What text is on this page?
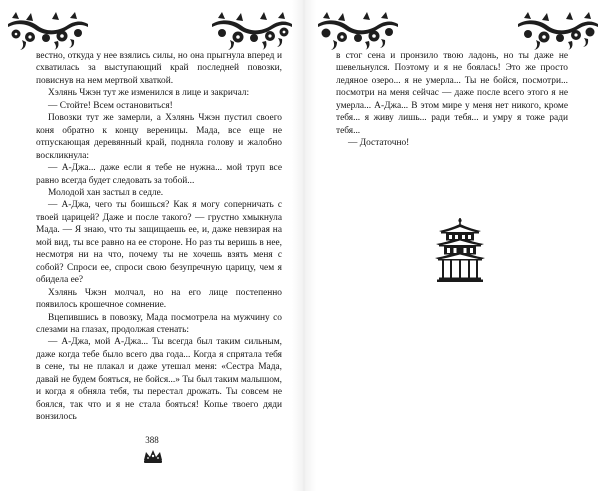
вестно, откуда у нее взялись силы, но она прыгнула вперед и схватилась за выступающий край последней повозки, повиснув на нем мертвой хваткой.

Хэлянь Чжэн тут же изменился в лице и закричал:

— Стойте! Всем остановиться!

Повозки тут же замерли, а Хэлянь Чжэн пустил своего коня обратно к концу вереницы. Мада, все еще не отпускающая деревянный край, подняла голову и жалобно воскликнула:

— А-Джа... даже если я тебе не нужна... мой труп все равно всегда будет следовать за тобой...

Молодой хан застыл в седле.

— А-Джа, чего ты боишься? Как я могу соперничать с твоей царицей? Даже и после такого? — грустно хмыкнула Мада. — Я знаю, что ты защищаешь ее, и, даже невзирая на мой вид, ты все равно на ее стороне. Но раз ты веришь в нее, несмотря ни на что, почему ты не хочешь взять меня с собой? Спроси ее, спроси свою безупречную царицу, чем я обидела ее?

Хэлянь Чжэн молчал, но на его лице постепенно появилось крошечное сомнение.

Вцепившись в повозку, Мада посмотрела на мужчину со слезами на глазах, продолжая стенать:

— А-Джа, мой А-Джа... Ты всегда был таким сильным, даже когда тебе было всего два года... Когда я спрятала тебя в сене, ты не плакал и даже утешал меня: «Сестра Мада, давай не будем бояться, не бойся...» Ты был таким малышом, и когда я обняла тебя, ты перестал дрожать. Ты совсем не боялся, так что и я не стала бояться! Копье твоего дяди вонзилось

388

в стог сена и пронзило твою ладонь, но ты даже не шевельнулся. Поэтому и я не боялась! Это же просто ледяное озеро... я не умерла... Ты не бойся, посмотри... посмотри на меня сейчас — даже после всего этого я не умерла... А-Джа... В этом мире у меня нет никого, кроме тебя... я живу лишь... ради тебя... и умру я тоже ради тебя...

— Достаточно!
